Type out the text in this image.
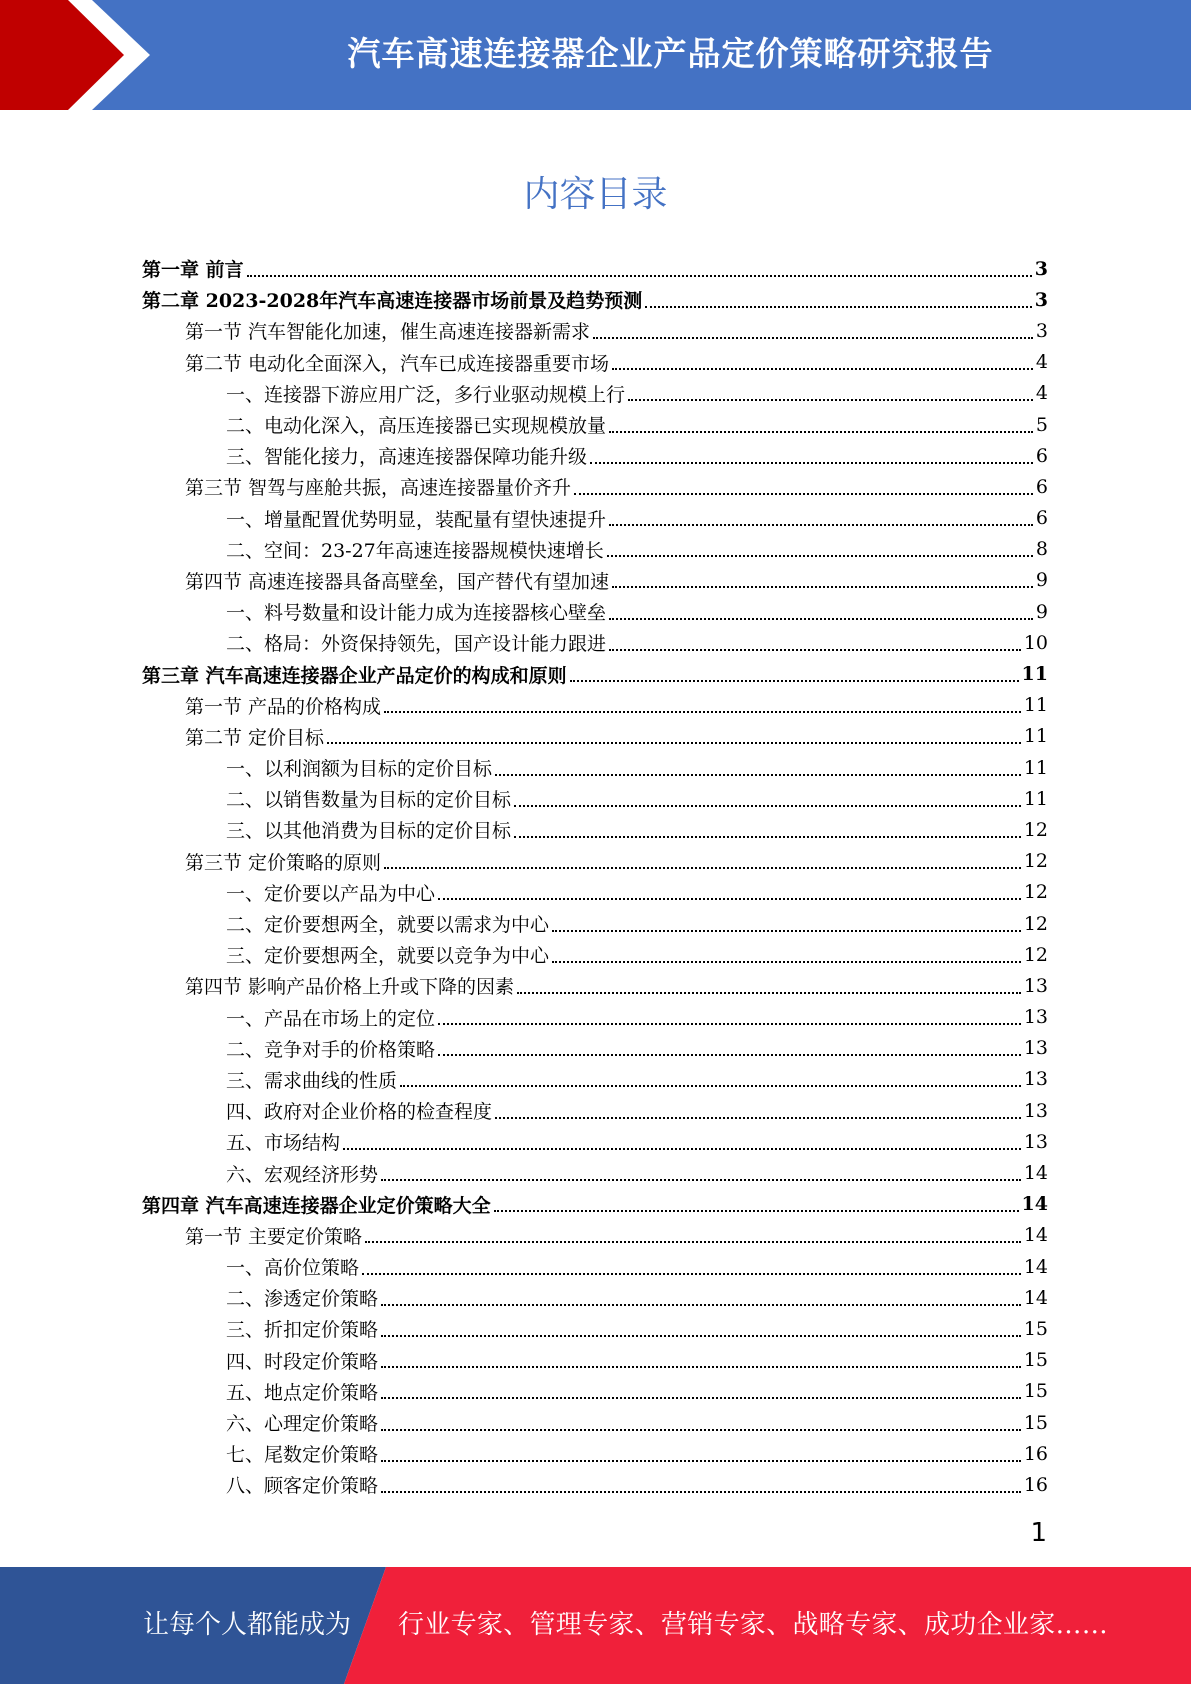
汽车高速连接器企业产品定价策略研究报告
内容目录
第一章 前言	3
第二章 2023-2028年汽车高速连接器市场前景及趋势预测	3
第一节 汽车智能化加速，催生高速连接器新需求	3
第二节 电动化全面深入，汽车已成连接器重要市场	4
一、连接器下游应用广泛，多行业驱动规模上行	4
二、电动化深入，高压连接器已实现规模放量	5
三、智能化接力，高速连接器保障功能升级	6
第三节 智驾与座舱共振，高速连接器量价齐升	6
一、增量配置优势明显，装配量有望快速提升	6
二、空间：23-27年高速连接器规模快速增长	8
第四节 高速连接器具备高壁垒，国产替代有望加速	9
一、料号数量和设计能力成为连接器核心壁垒	9
二、格局：外资保持领先，国产设计能力跟进	10
第三章 汽车高速连接器企业产品定价的构成和原则	11
第一节 产品的价格构成	11
第二节 定价目标	11
一、以利润额为目标的定价目标	11
二、以销售数量为目标的定价目标	11
三、以其他消费为目标的定价目标	12
第三节 定价策略的原则	12
一、定价要以产品为中心	12
二、定价要想两全，就要以需求为中心	12
三、定价要想两全，就要以竞争为中心	12
第四节 影响产品价格上升或下降的因素	13
一、产品在市场上的定位	13
二、竞争对手的价格策略	13
三、需求曲线的性质	13
四、政府对企业价格的检查程度	13
五、市场结构	13
六、宏观经济形势	14
第四章 汽车高速连接器企业定价策略大全	14
第一节 主要定价策略	14
一、高价位策略	14
二、渗透定价策略	14
三、折扣定价策略	15
四、时段定价策略	15
五、地点定价策略	15
六、心理定价策略	15
七、尾数定价策略	16
八、顾客定价策略	16
1
让每个人都能成为 行业专家、管理专家、营销专家、战略专家、成功企业家……
